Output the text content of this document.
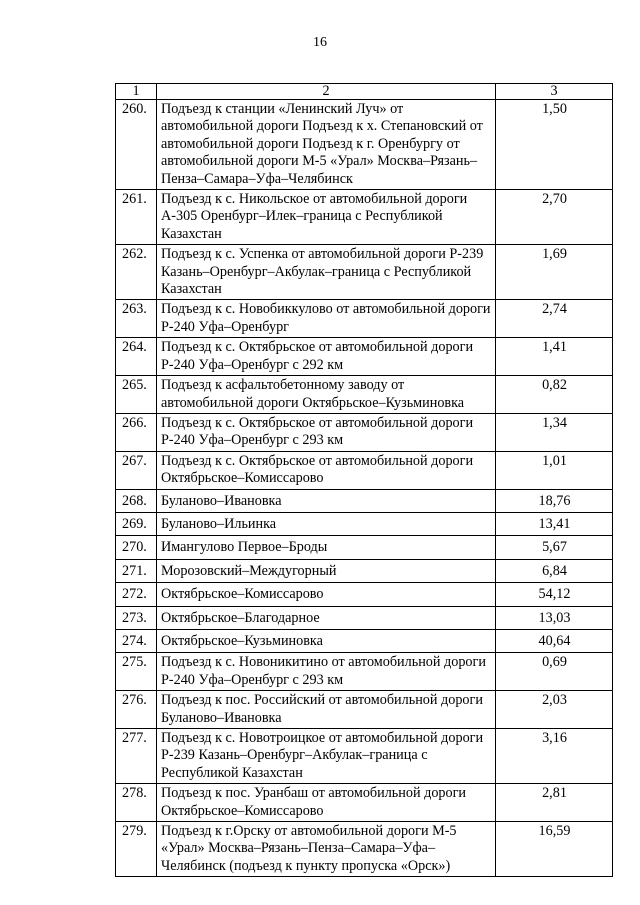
16
1	2	3
260.	Подъезд к станции «Ленинский Луч» от автомобильной дороги Подъезд к х. Степановский от автомобильной дороги Подъезд к г. Оренбургу от автомобильной дороги М-5 «Урал» Москва–Рязань–Пенза–Самара–Уфа–Челябинск	1,50
261.	Подъезд к с. Никольское от автомобильной дороги А-305 Оренбург–Илек–граница с Республикой Казахстан	2,70
262.	Подъезд к с. Успенка от автомобильной дороги Р-239 Казань–Оренбург–Акбулак–граница с Республикой Казахстан	1,69
263.	Подъезд к с. Новобиккулово от автомобильной дороги Р-240 Уфа–Оренбург	2,74
264.	Подъезд к с. Октябрьское от автомобильной дороги Р-240 Уфа–Оренбург с 292 км	1,41
265.	Подъезд к асфальтобетонному заводу от автомобильной дороги Октябрьское–Кузьминовка	0,82
266.	Подъезд к с. Октябрьское от автомобильной дороги Р-240 Уфа–Оренбург с 293 км	1,34
267.	Подъезд к с. Октябрьское от автомобильной дороги Октябрьское–Комиссарово	1,01
268.	Буланово–Ивановка	18,76
269.	Буланово–Ильинка	13,41
270.	Имангулово Первое–Броды	5,67
271.	Морозовский–Междугорный	6,84
272.	Октябрьское–Комиссарово	54,12
273.	Октябрьское–Благодарное	13,03
274.	Октябрьское–Кузьминовка	40,64
275.	Подъезд к с. Новоникитино от автомобильной дороги Р-240 Уфа–Оренбург с 293 км	0,69
276.	Подъезд к пос. Российский от автомобильной дороги Буланово–Ивановка	2,03
277.	Подъезд к с. Новотроицкое от автомобильной дороги Р-239 Казань–Оренбург–Акбулак–граница с Республикой Казахстан	3,16
278.	Подъезд к пос. Уранбаш от автомобильной дороги Октябрьское–Комиссарово	2,81
279.	Подъезд к г.Орску от автомобильной дороги М-5 «Урал» Москва–Рязань–Пенза–Самара–Уфа–Челябинск (подъезд к пункту пропуска «Орск»)	16,59
